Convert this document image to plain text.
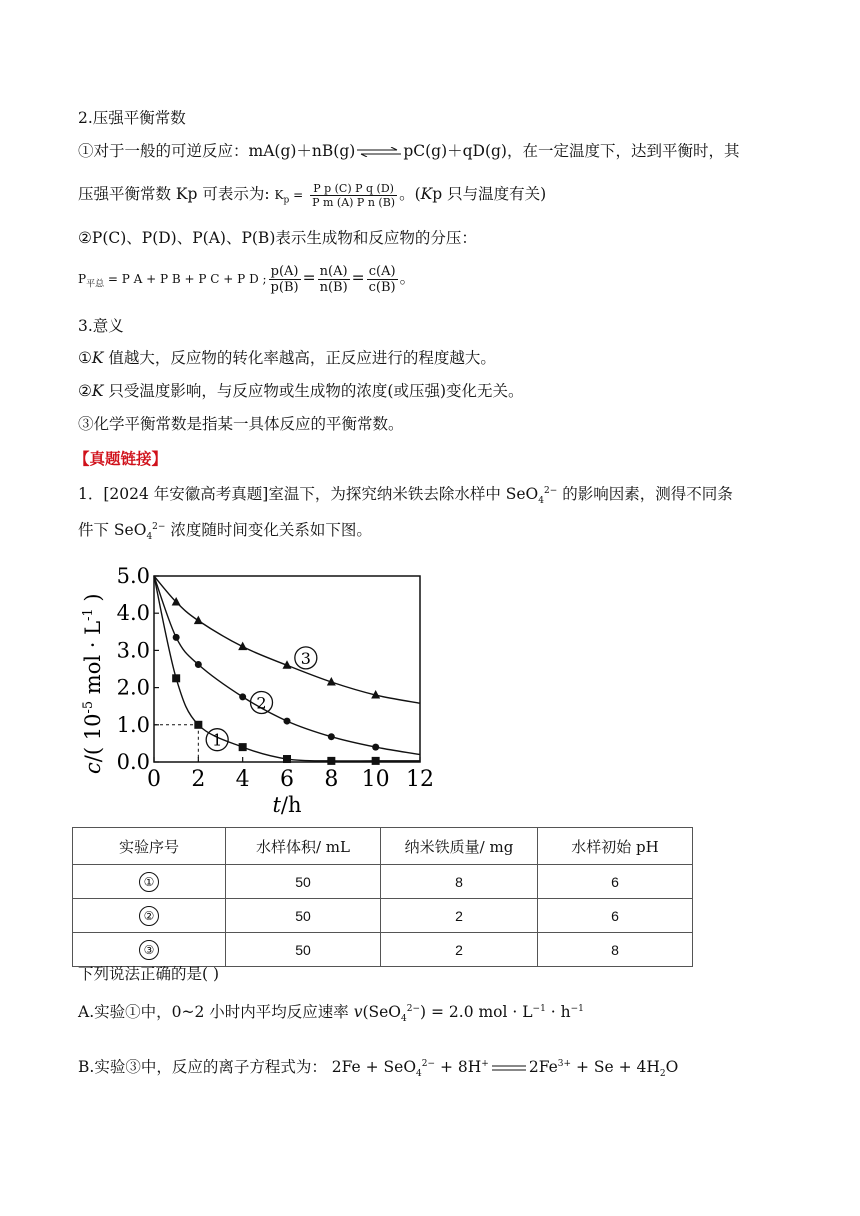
2.压强平衡常数
①对于一般的可逆反应：mA(g)＋nB(g) ⇌ pC(g)＋qD(g)，在一定温度下，达到平衡时，其
压强平衡常数 Kp 可表示为: $K_p = \frac{\text{P p (C) P q (D)}}{\text{P m (A) P n (B)}}$ 。(Kp 只与温度有关)
②P(C)、P(D)、P(A)、P(B)表示生成物和反应物的分压：
$P_{平总} = P$ A + P B + P C + P D ; $\frac{p(A)}{p(B)} = \frac{n(A)}{n(B)} = \frac{c(A)}{c(B)}$ 。
3.意义
①K 值越大，反应物的转化率越高，正反应进行的程度越大。
②K 只受温度影响，与反应物或生成物的浓度(或压强)变化无关。
③化学平衡常数是指某一具体反应的平衡常数。
【真题链接】
1．[2024 年安徽高考真题]室温下，为探究纳米铁去除水样中 SeO$_4^{2-}$ 的影响因素，测得不同条
件下 SeO$_4^{2-}$ 浓度随时间变化关系如下图。
0 2 4 6 8 10 12
0.0
1.0
2.0
3.0
4.0
5.0
1
2
3
c/( $10^{-5}$ mol · $L^{-1}$ )
t/h
实验序号	水样体积/ mL	纳米铁质量/ mg	水样初始 pH
①	50	8	6
②	50	2	6
③	50	2	8
下列说法正确的是( )
A.实验①中，0~2 小时内平均反应速率 v(SeO$_4^{2-}$) = 2.0 mol · $L^{-1} \cdot h^{-1}$
B.实验③中，反应的离子方程式为： 2Fe + SeO$_4^{2-}$ + 8H+	$2Fe^{3+} + Se + 4H_2O$
